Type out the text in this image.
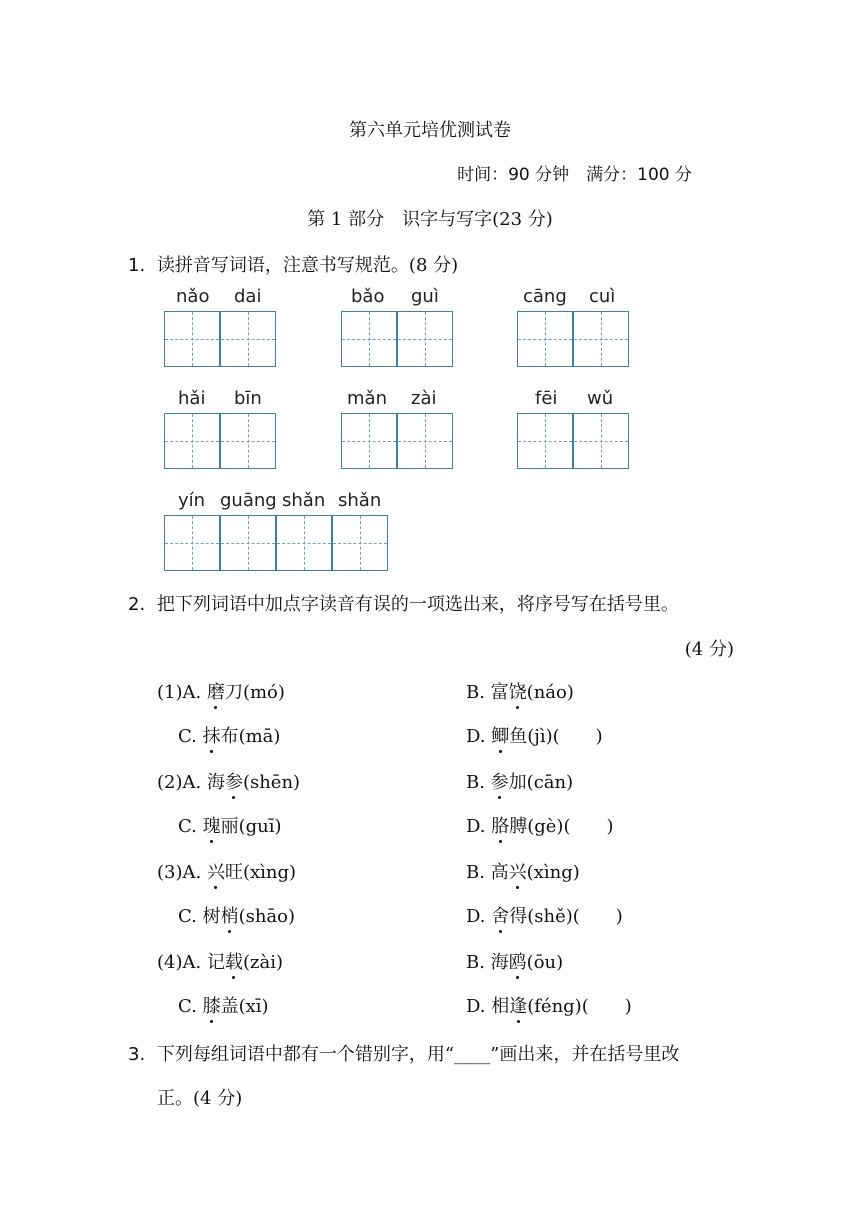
第六单元培优测试卷
时间：90 分钟　满分：100 分
第 1 部分　识字与写字(23 分)
1. 读拼音写词语，注意书写规范。(8 分)
nǎo dai	bǎo guì	cāng cuì
hǎi bīn	mǎn zài	fēi wǔ
yín guāng shǎn shǎn
2. 把下列词语中加点字读音有误的一项选出来，将序号写在括号里。
(4 分)
(1)A. 磨刀(mó)	B. 富饶(náo)
C. 抹布(mā)	D. 鲫鱼(jì)(　　)
(2)A. 海参(shēn)	B. 参加(cān)
C. 瑰丽(guī)	D. 胳膊(gè)(　　)
(3)A. 兴旺(xìng)	B. 高兴(xìng)
C. 树梢(shāo)	D. 舍得(shě)(　　)
(4)A. 记载(zài)	B. 海鸥(ōu)
C. 膝盖(xī)	D. 相逢(féng)(　　)
3. 下列每组词语中都有一个错别字，用“____”画出来，并在括号里改
正。(4 分)
